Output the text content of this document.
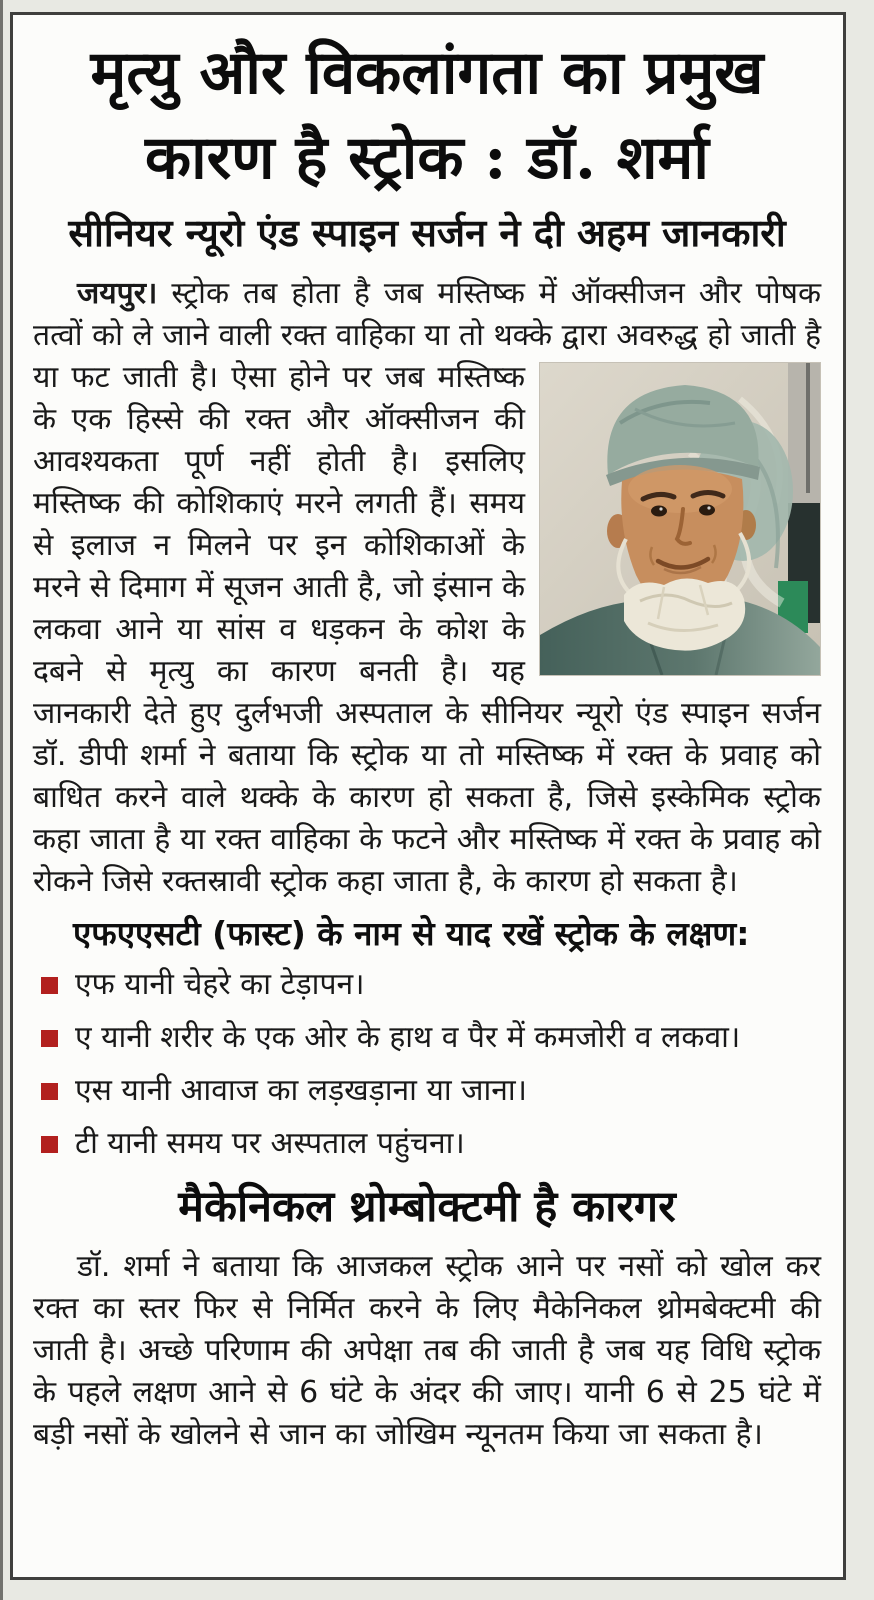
मृत्यु और विकलांगता का प्रमुख
कारण है स्ट्रोक : डॉ. शर्मा
सीनियर न्यूरो एंड स्पाइन सर्जन ने दी अहम जानकारी

जयपुर। स्ट्रोक तब होता है जब मस्तिष्क में ऑक्सीजन और पोषक तत्वों को ले जाने वाली रक्त वाहिका या तो थक्के द्वारा अवरुद्ध
हो जाती है या फट जाती है। ऐसा होने पर जब मस्तिष्क के एक हिस्से की रक्त और ऑक्सीजन की आवश्यकता पूर्ण नहीं होती है। इसलिए मस्तिष्क की कोशिकाएं मरने लगती हैं। समय से इलाज न मिलने पर इन कोशिकाओं के मरने से दिमाग में सूजन आती है, जो इंसान के लकवा आने या सांस व धड़कन के कोश के दबने से मृत्यु का कारण बनती है। यह जानकारी देते हुए दुर्लभजी अस्पताल के सीनियर न्यूरो एंड स्पाइन सर्जन डॉ. डीपी शर्मा ने बताया कि स्ट्रोक या तो मस्तिष्क में रक्त के प्रवाह को बाधित करने वाले थक्के के कारण हो सकता है, जिसे इस्केमिक स्ट्रोक कहा जाता है या रक्त वाहिका के फटने और मस्तिष्क में रक्त के प्रवाह को रोकने जिसे रक्तस्रावी स्ट्रोक कहा जाता है, के कारण हो सकता है।

एफएएसटी (फास्ट) के नाम से याद रखें स्ट्रोक के लक्षण:
एफ यानी चेहरे का टेड़ापन।
ए यानी शरीर के एक ओर के हाथ व पैर में कमजोरी व लकवा।
एस यानी आवाज का लड़खड़ाना या जाना।
टी यानी समय पर अस्पताल पहुंचना।
मैकेनिकल थ्रोम्बोक्टमी है कारगर

डॉ. शर्मा ने बताया कि आजकल स्ट्रोक आने पर नसों को खोल कर रक्त का स्तर फिर से निर्मित करने के लिए मैकेनिकल थ्रोमबेक्टमी की जाती है। अच्छे परिणाम की अपेक्षा तब की जाती है जब यह विधि स्ट्रोक के पहले लक्षण आने से 6 घंटे के अंदर की जाए। यानी 6 से 25 घंटे में बड़ी नसों के खोलने से जान का जोखिम न्यूनतम किया जा सकता है।
